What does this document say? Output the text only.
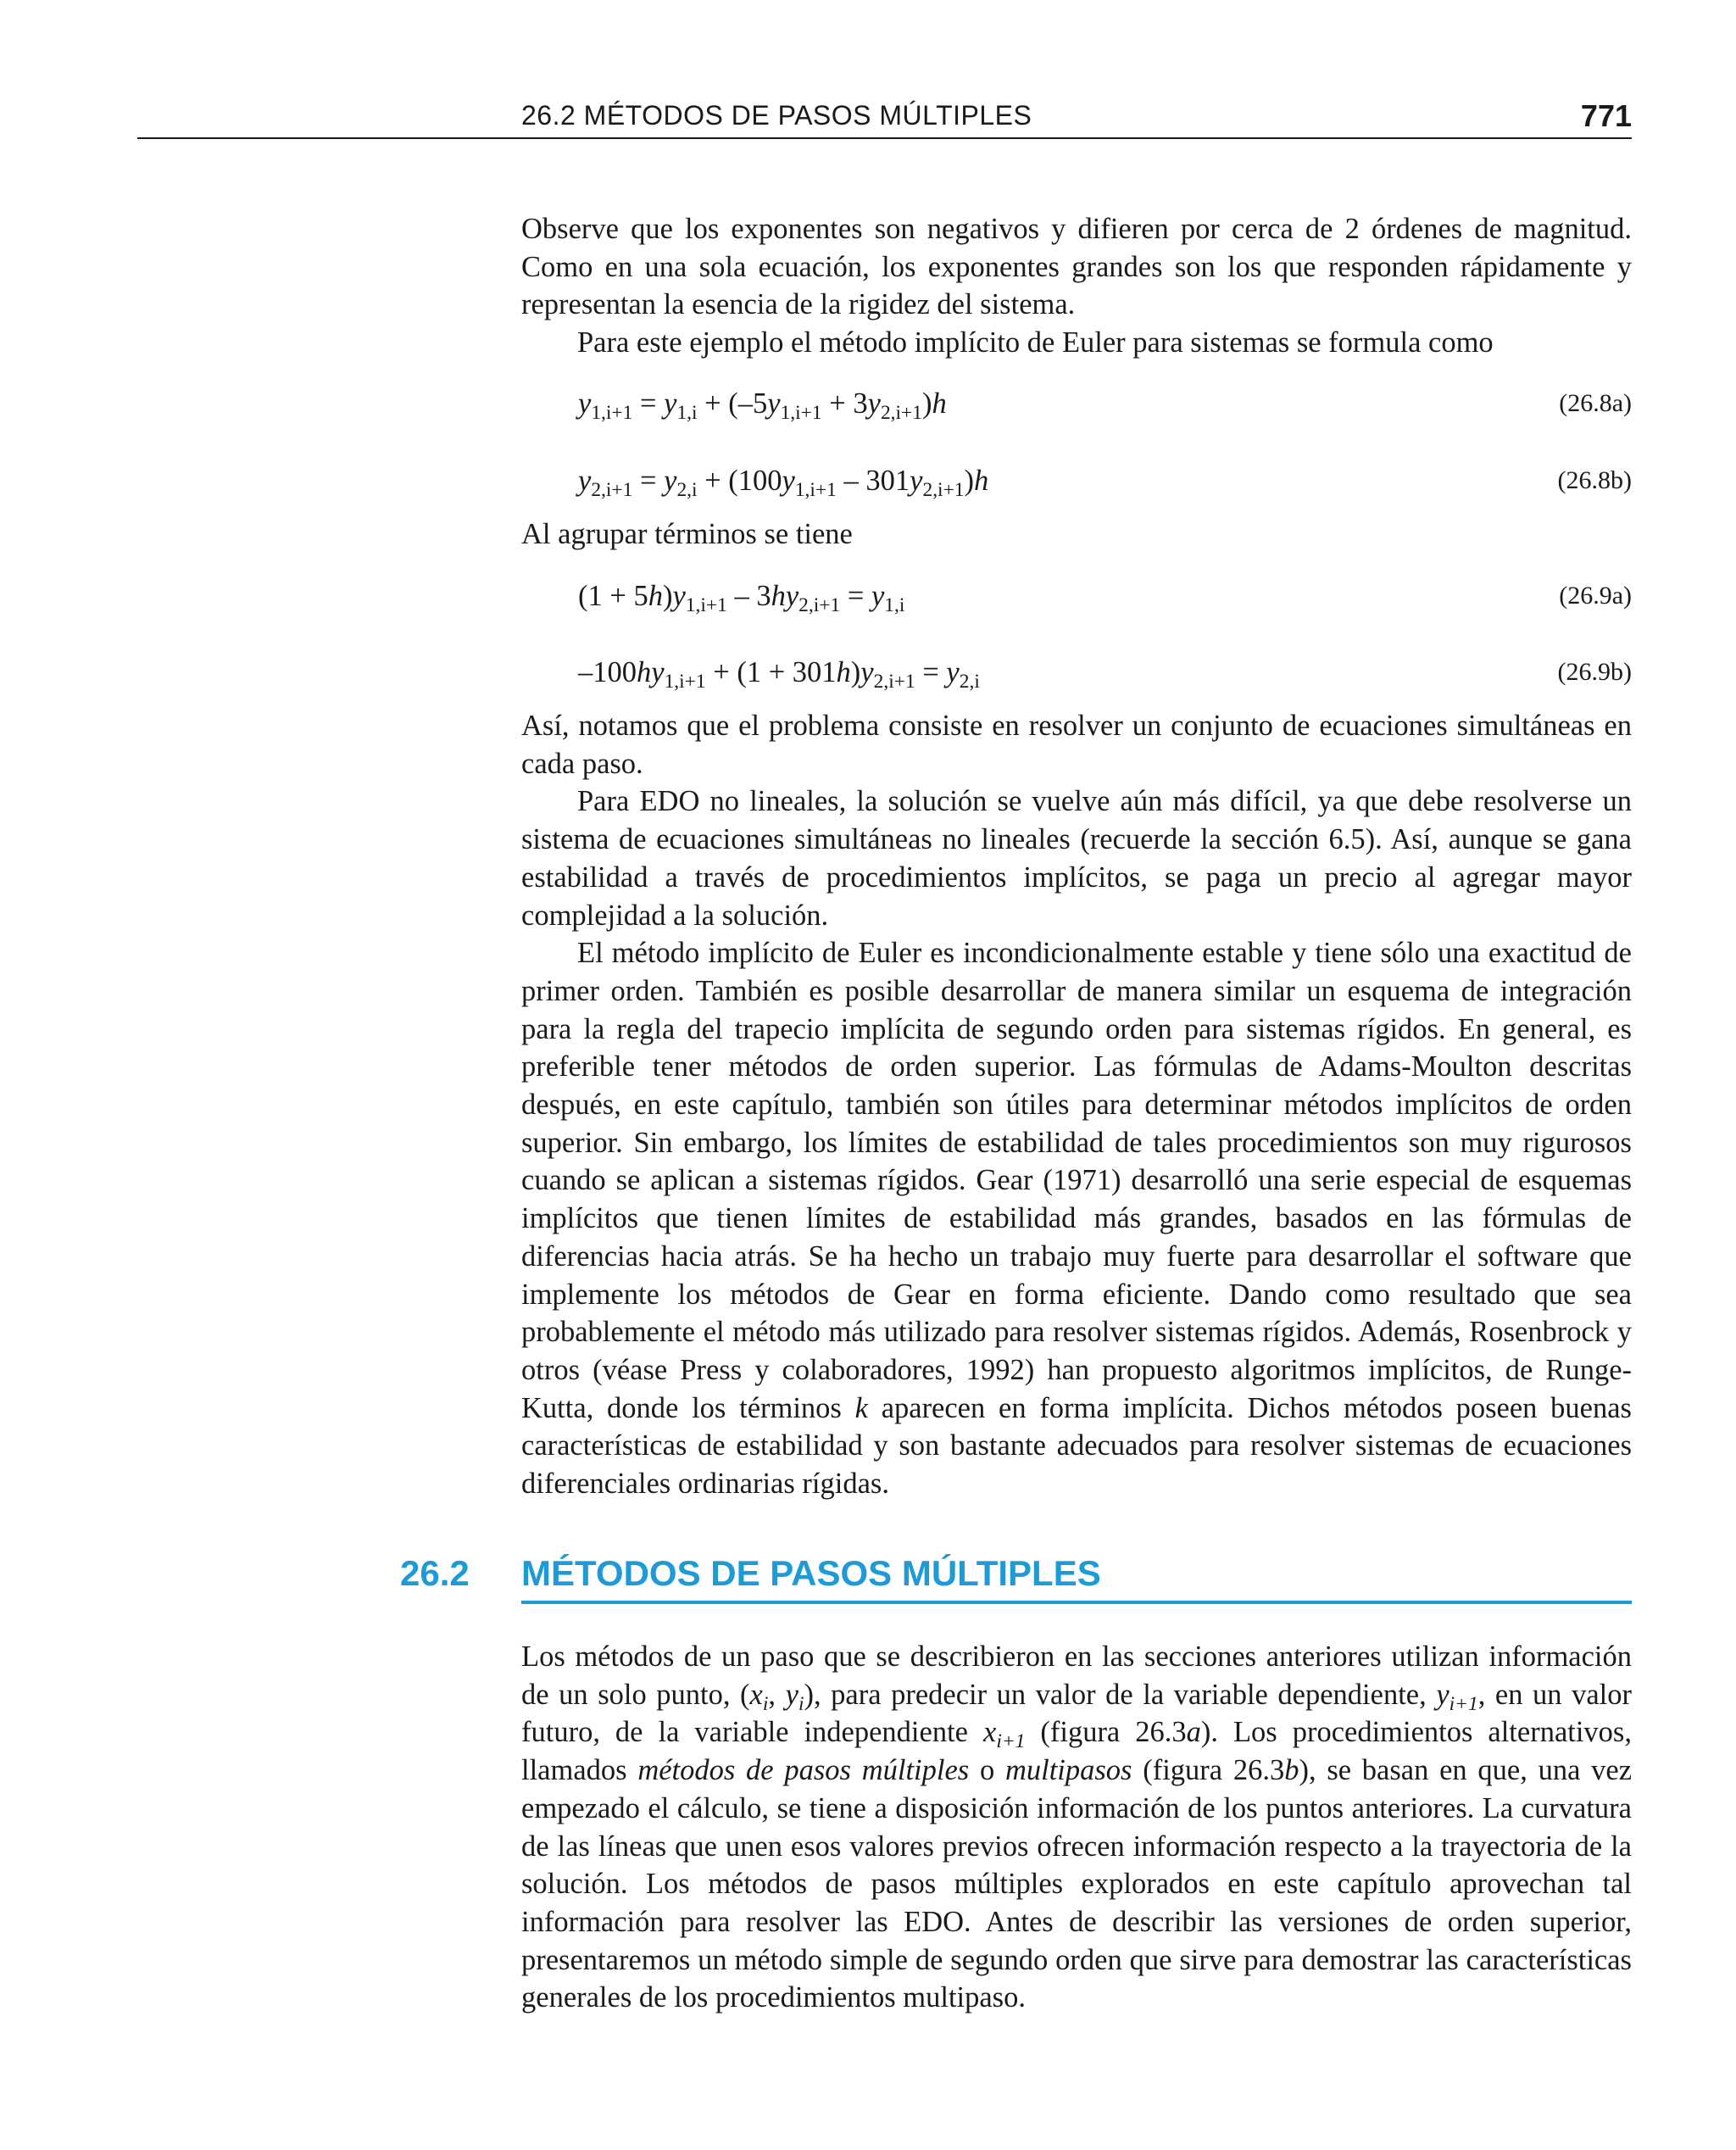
26.2 MÉTODOS DE PASOS MÚLTIPLES	771

Observe que los exponentes son negativos y difieren por cerca de 2 órdenes de magnitud. Como en una sola ecuación, los exponentes grandes son los que responden rápidamente y representan la esencia de la rigidez del sistema.

Para este ejemplo el método implícito de Euler para sistemas se formula como

$y_{1,i+1} = y_{1,i} + (-5y_{1,i+1} + 3y_{2,i+1})h$	(26.8a)
$y_{2,i+1} = y_{2,i} + (100y_{1,i+1} - 301y_{2,i+1})h$	(26.8b)

Al agrupar términos se tiene

$(1 + 5h)y_{1,i+1} - 3hy_{2,i+1} = y_{1,i}$	(26.9a)
$-100hy_{1,i+1} + (1 + 301h)y_{2,i+1} = y_{2,i}$	(26.9b)

Así, notamos que el problema consiste en resolver un conjunto de ecuaciones simultáneas en cada paso.

Para EDO no lineales, la solución se vuelve aún más difícil, ya que debe resolverse un sistema de ecuaciones simultáneas no lineales (recuerde la sección 6.5). Así, aunque se gana estabilidad a través de procedimientos implícitos, se paga un precio al agregar mayor complejidad a la solución.

El método implícito de Euler es incondicionalmente estable y tiene sólo una exactitud de primer orden. También es posible desarrollar de manera similar un esquema de integración para la regla del trapecio implícita de segundo orden para sistemas rígidos. En general, es preferible tener métodos de orden superior. Las fórmulas de Adams-Moulton descritas después, en este capítulo, también son útiles para determinar métodos implícitos de orden superior. Sin embargo, los límites de estabilidad de tales procedimientos son muy rigurosos cuando se aplican a sistemas rígidos. Gear (1971) desarrolló una serie especial de esquemas implícitos que tienen límites de estabilidad más grandes, basados en las fórmulas de diferencias hacia atrás. Se ha hecho un trabajo muy fuerte para desarrollar el software que implemente los métodos de Gear en forma eficiente. Dando como resultado que sea probablemente el método más utilizado para resolver sistemas rígidos. Además, Rosenbrock y otros (véase Press y colaboradores, 1992) han propuesto algoritmos implícitos, de Runge-Kutta, donde los términos k aparecen en forma implícita. Dichos métodos poseen buenas características de estabilidad y son bastante adecuados para resolver sistemas de ecuaciones diferenciales ordinarias rígidas.

26.2 MÉTODOS DE PASOS MÚLTIPLES

Los métodos de un paso que se describieron en las secciones anteriores utilizan información de un solo punto, ($x_i$, $y_i$), para predecir un valor de la variable dependiente, $y_{i+1}$, en un valor futuro, de la variable independiente $x_{i+1}$ (figura 26.3a). Los procedimientos alternativos, llamados métodos de pasos múltiples o multipasos (figura 26.3b), se basan en que, una vez empezado el cálculo, se tiene a disposición información de los puntos anteriores. La curvatura de las líneas que unen esos valores previos ofrecen información respecto a la trayectoria de la solución. Los métodos de pasos múltiples explorados en este capítulo aprovechan tal información para resolver las EDO. Antes de describir las versiones de orden superior, presentaremos un método simple de segundo orden que sirve para demostrar las características generales de los procedimientos multipaso.
